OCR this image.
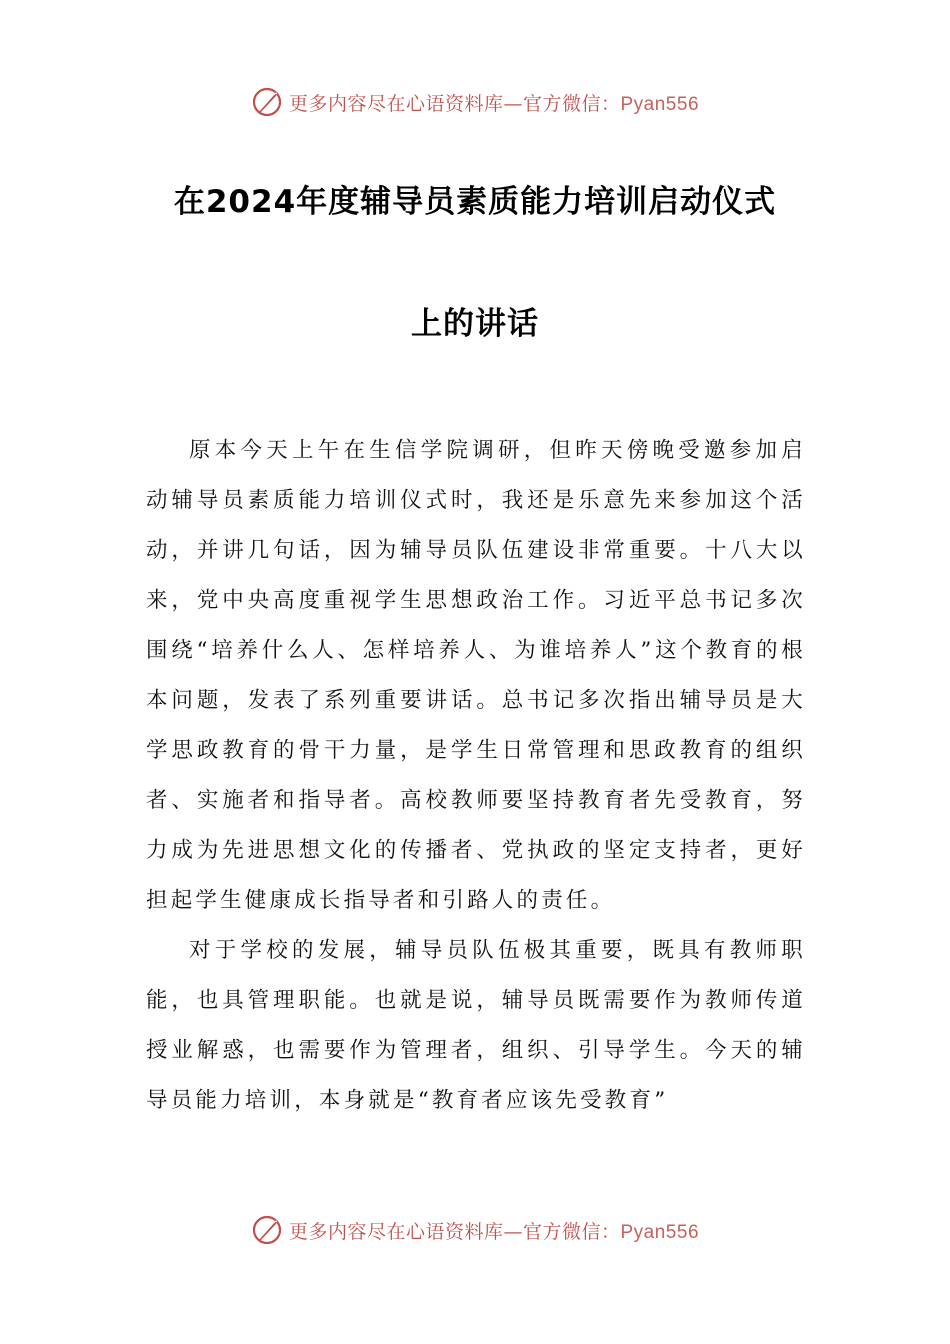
更多内容尽在心语资料库—官方微信：Pyan556
在2024年度辅导员素质能力培训启动仪式
上的讲话

原本今天上午在生信学院调研，但昨天傍晚受邀参加启动辅导员素质能力培训仪式时，我还是乐意先来参加这个活动，并讲几句话，因为辅导员队伍建设非常重要。十八大以来，党中央高度重视学生思想政治工作。习近平总书记多次围绕“培养什么人、怎样培养人、为谁培养人”这个教育的根本问题，发表了系列重要讲话。总书记多次指出辅导员是大学思政教育的骨干力量，是学生日常管理和思政教育的组织者、实施者和指导者。高校教师要坚持教育者先受教育，努力成为先进思想文化的传播者、党执政的坚定支持者，更好担起学生健康成长指导者和引路人的责任。

对于学校的发展，辅导员队伍极其重要，既具有教师职能，也具管理职能。也就是说，辅导员既需要作为教师传道授业解惑，也需要作为管理者，组织、引导学生。今天的辅导员能力培训，本身就是“教育者应该先受教育”

更多内容尽在心语资料库—官方微信：Pyan556
